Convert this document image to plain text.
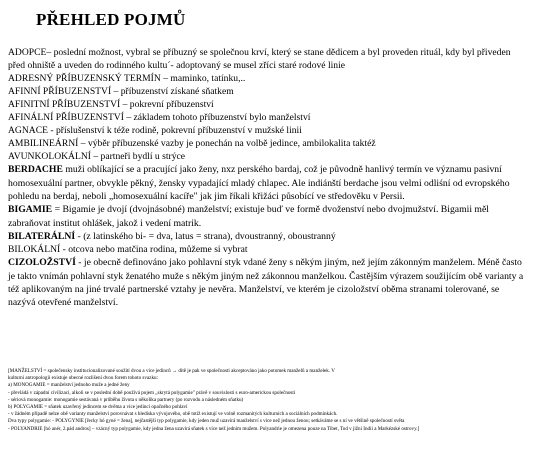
PŘEHLED POJMŮ

ADOPCE– poslední možnost, vybral se příbuzný se společnou krví, který se stane dědicem a byl proveden rituál, kdy byl přiveden před ohniště a uveden do rodinného kultu´- adoptovaný se musel zříci staré rodové linie

ADRESNÝ PŘÍBUZENSKÝ TERMÍN – maminko, tatínku,..

AFINNÍ PŘÍBUZENSTVÍ – příbuzenství získané sňatkem

AFINITNÍ PŘÍBUZENSTVÍ – pokrevní příbuzenství

AFINÁLNÍ PŘÍBUZENSTVÍ – základem tohoto příbuzenství bylo manželství

AGNACE - příslušenství k téže rodině, pokrevní příbuzenství v mužské linii

AMBILINEÁRNÍ – výběr příbuzenské vazby je ponechán na volbě jedince, ambilokalita taktéž

AVUNKOLOKÁLNÍ – partneři bydlí u strýce

BERDACHE muži oblíkající se a pracující jako ženy, nxz perského bardaj, což je původně hanlivý termín ve významu pasivní homosexuální partner, obvykle pěkný, žensky vypadající mladý chlapec. Ale indiánští berdache jsou velmi odliśní od evropského pohledu na berdaj, neboli „homosexuální kacíře" jak jim říkali křižáci působící ve středověku v Persii.

BIGAMIE = Bigamie je dvojí (dvojnásobné) manželství; existuje buď ve formě dvoženství nebo dvojmužství. Bigamii měl zabraňovat institut ohlášek, jakož i vedení matrik.

BILATERÁLNÍ - (z latinského bi- = dva, latus = strana), dvoustranný, oboustranný

BILOKÁLNÍ - otcova nebo matčina rodina, můžeme si vybrat

CIZOLOŽSTVÍ - je obecně definováno jako pohlavní styk vdané ženy s někým jiným, než jejím zákonným manželem. Méně často je takto vnímán pohlavní styk ženatého muže s někým jiným než zákonnou manželkou. Častějším výrazem soužijícím obě varianty a též aplikovaným na jiné trvalé partnerské vztahy je nevěra. Manželství, ve kterém je cizoložství oběma stranami tolerované, se nazývá otevřené manželství.

[MANŽELSTVÍ = společensky institucionalizované soužití dvou a více jedinců → dítě je pak ve společnosti akceptováno jako potomek manželů a manželek. V

kulturní antropologii existuje obecné rozlišení dvou forem tohoto svazku:

a) MONOGAMIE = manželství jednoho muže a jedné ženy

- převládá v západní civilizaci, alkoli se v poslední době používá pojem „skrytá polygamie" právě v souvislosti s euro-americkou společností

- sériová monogamie: monogamie sestávaná v průběhu života s několika partnery (po rozvodu a následném sňatku)

b) POLYGAMIE = sňatek uzavřený jedincem se dvěma a více jedinci opačného pohlaví

- v žádném případě nelze obě varianty manželství porovnávat s hlediska vývojového, obě totiž existují ve volně rozmanitých kulturních a sociálních podmínkách.

Dva typy polygamie: - POLYGYNIE [řecky hó gyné = žena], nejčastější typ polygamie, kdy jeden muž uzavírá manželství s více než jednou ženou; setkáváme se s ní ve většině společností světa

- POLYANDRIE [hó anér, 2.pád andros] – vzácný typ polygamie, kdy jedna žena uzavírá sňatek s více než jedním mužem. Polyandrie je omezena pouze na Tibet, Tod v jižní Indii a Markézské ostrovy.]
